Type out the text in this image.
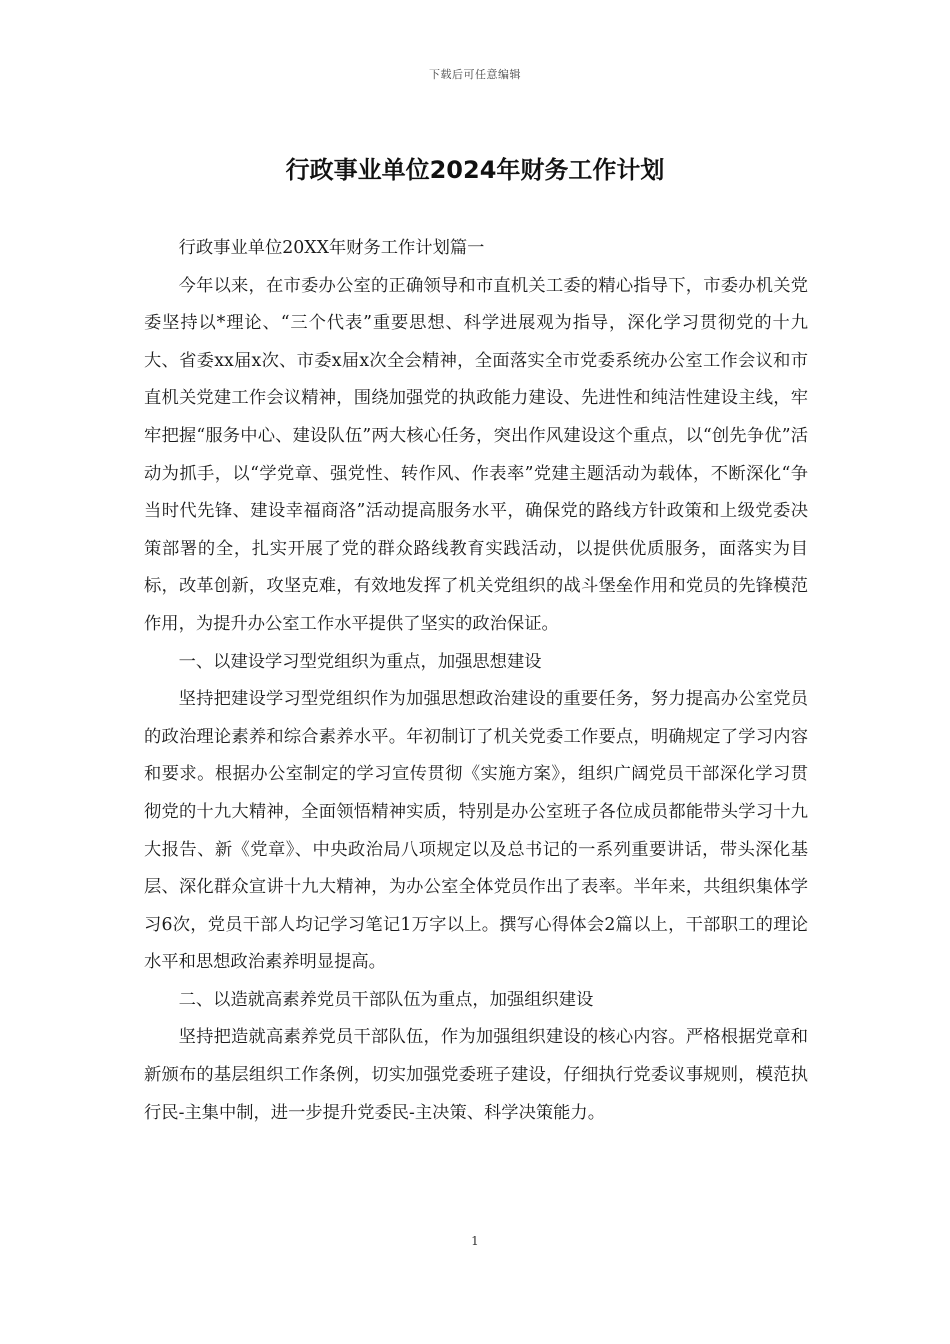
下载后可任意编辑
行政事业单位2024年财务工作计划

行政事业单位20XX年财务工作计划篇一

今年以来，在市委办公室的正确领导和市直机关工委的精心指导下，市委办机关党委坚持以*理论、“三个代表”重要思想、科学进展观为指导，深化学习贯彻党的十九大、省委xx届x次、市委x届x次全会精神，全面落实全市党委系统办公室工作会议和市直机关党建工作会议精神，围绕加强党的执政能力建设、先进性和纯洁性建设主线，牢牢把握“服务中心、建设队伍”两大核心任务，突出作风建设这个重点，以“创先争优”活动为抓手，以“学党章、强党性、转作风、作表率”党建主题活动为载体，不断深化“争当时代先锋、建设幸福商洛”活动提高服务水平，确保党的路线方针政策和上级党委决策部署的全，扎实开展了党的群众路线教育实践活动，以提供优质服务，面落实为目标，改革创新，攻坚克难，有效地发挥了机关党组织的战斗堡垒作用和党员的先锋模范作用，为提升办公室工作水平提供了坚实的政治保证。

一、以建设学习型党组织为重点，加强思想建设

坚持把建设学习型党组织作为加强思想政治建设的重要任务，努力提高办公室党员的政治理论素养和综合素养水平。年初制订了机关党委工作要点，明确规定了学习内容和要求。根据办公室制定的学习宣传贯彻《实施方案》，组织广阔党员干部深化学习贯彻党的十九大精神，全面领悟精神实质，特别是办公室班子各位成员都能带头学习十九大报告、新《党章》、中央政治局八项规定以及总书记的一系列重要讲话，带头深化基层、深化群众宣讲十九大精神，为办公室全体党员作出了表率。半年来，共组织集体学习6次，党员干部人均记学习笔记1万字以上。撰写心得体会2篇以上，干部职工的理论水平和思想政治素养明显提高。

二、以造就高素养党员干部队伍为重点，加强组织建设

坚持把造就高素养党员干部队伍，作为加强组织建设的核心内容。严格根据党章和新颁布的基层组织工作条例，切实加强党委班子建设，仔细执行党委议事规则，模范执行民-主集中制，进一步提升党委民-主决策、科学决策能力。

1
